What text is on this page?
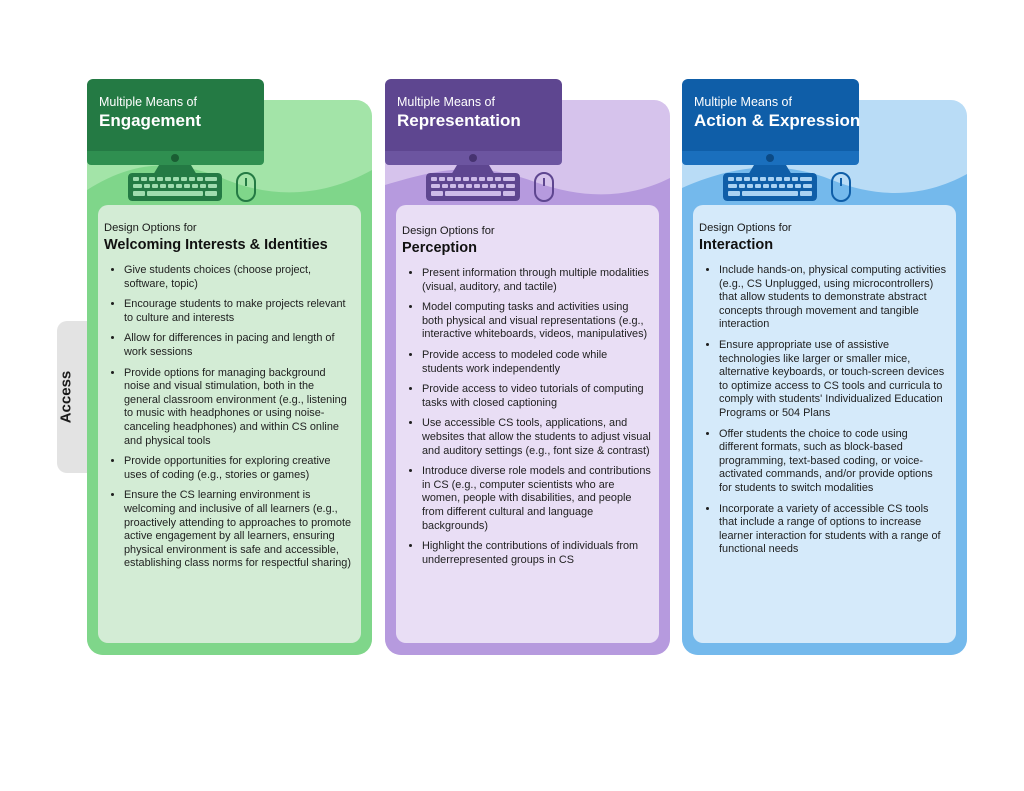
Access
Design Options for
Welcoming Interests & Identities
• Give students choices (choose project, software, topic)
• Encourage students to make projects relevant to culture and interests
• Allow for differences in pacing and length of work sessions
• Provide options for managing background noise and visual stimulation, both in the general classroom environment (e.g., listening to music with headphones or using noise-canceling headphones) and within CS online and physical tools
• Provide opportunities for exploring creative uses of coding (e.g., stories or games)
• Ensure the CS learning environment is welcoming and inclusive of all learners (e.g., proactively attending to approaches to promote active engagement by all learners, ensuring physical environment is safe and accessible, establishing class norms for respectful sharing)
Design Options for
Perception
• Present information through multiple modalities (visual, auditory, and tactile)
• Model computing tasks and activities using both physical and visual representations (e.g., interactive whiteboards, videos, manipulatives)
• Provide access to modeled code while students work independently
• Provide access to video tutorials of computing tasks with closed captioning
• Use accessible CS tools, applications, and websites that allow the students to adjust visual and auditory settings (e.g., font size & contrast)
• Introduce diverse role models and contributions in CS (e.g., computer scientists who are women, people with disabilities, and people from different cultural and language backgrounds)
• Highlight the contributions of individuals from underrepresented groups in CS
Design Options for
Interaction
• Include hands-on, physical computing activities (e.g., CS Unplugged, using microcontrollers) that allow students to demonstrate abstract concepts through movement and tangible interaction
• Ensure appropriate use of assistive technologies like larger or smaller mice, alternative keyboards, or touch-screen devices to optimize access to CS tools and curricula to comply with students' Individualized Education Programs or 504 Plans
• Offer students the choice to code using different formats, such as block-based programming, text-based coding, or voice-activated commands, and/or provide options for students to switch modalities
• Incorporate a variety of accessible CS tools that include a range of options to increase learner interaction for students with a range of functional needs
Multiple Means of
Engagement
Multiple Means of
Representation
Multiple Means of
Action & Expression
